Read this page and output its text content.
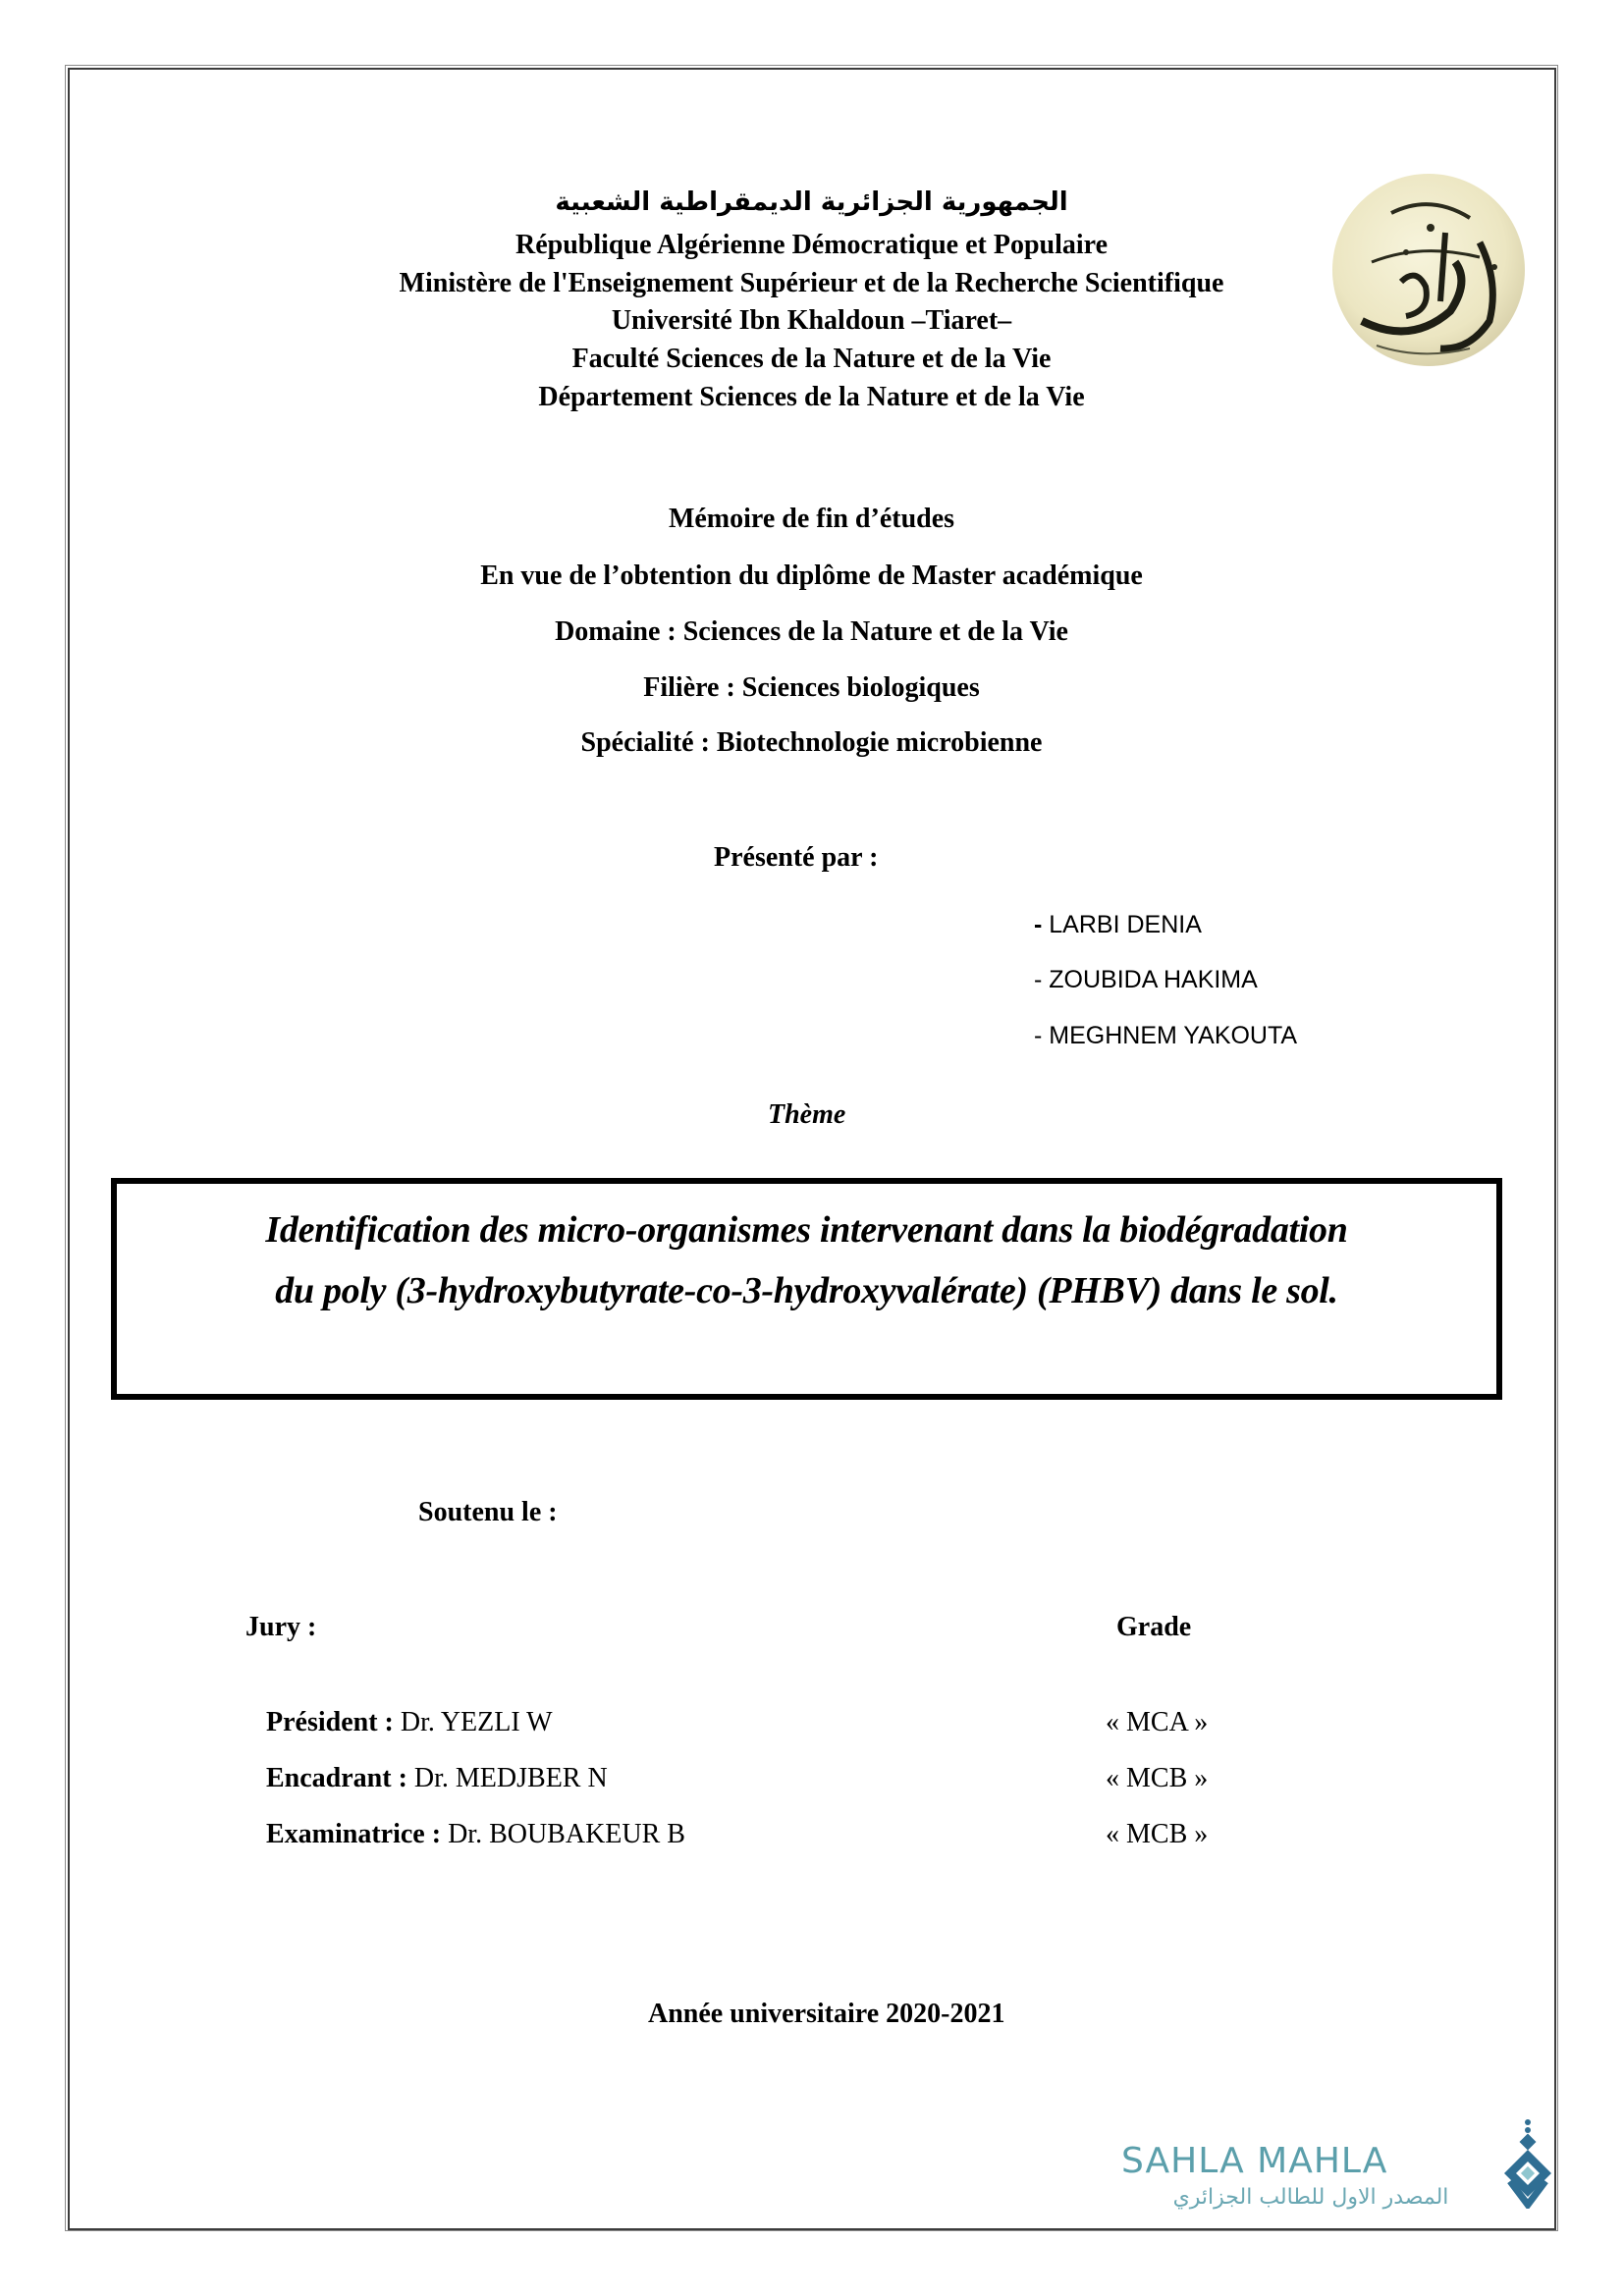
الجمهورية الجزائرية الديمقراطية الشعبية
République Algérienne Démocratique et Populaire
Ministère de l'Enseignement Supérieur et de la Recherche Scientifique
Université Ibn Khaldoun –Tiaret–
Faculté Sciences de la Nature et de la Vie
Département Sciences de la Nature et de la Vie
Mémoire de fin d’études
En vue de l’obtention du diplôme de Master académique
Domaine : Sciences de la Nature et de la Vie
Filière : Sciences biologiques
Spécialité : Biotechnologie microbienne
Présenté par :
- LARBI DENIA
- ZOUBIDA HAKIMA
- MEGHNEM YAKOUTA
Thème
Identification des micro-organismes intervenant dans la biodégradation
du poly (3-hydroxybutyrate-co-3-hydroxyvalérate) (PHBV) dans le sol.
Soutenu le :
Jury :	Grade
Président : Dr. YEZLI W	« MCA »
Encadrant : Dr. MEDJBER N	« MCB »
Examinatrice : Dr. BOUBAKEUR B	« MCB »
Année universitaire 2020-2021
SAHLA MAHLA
المصدر الاول للطالب الجزائري
